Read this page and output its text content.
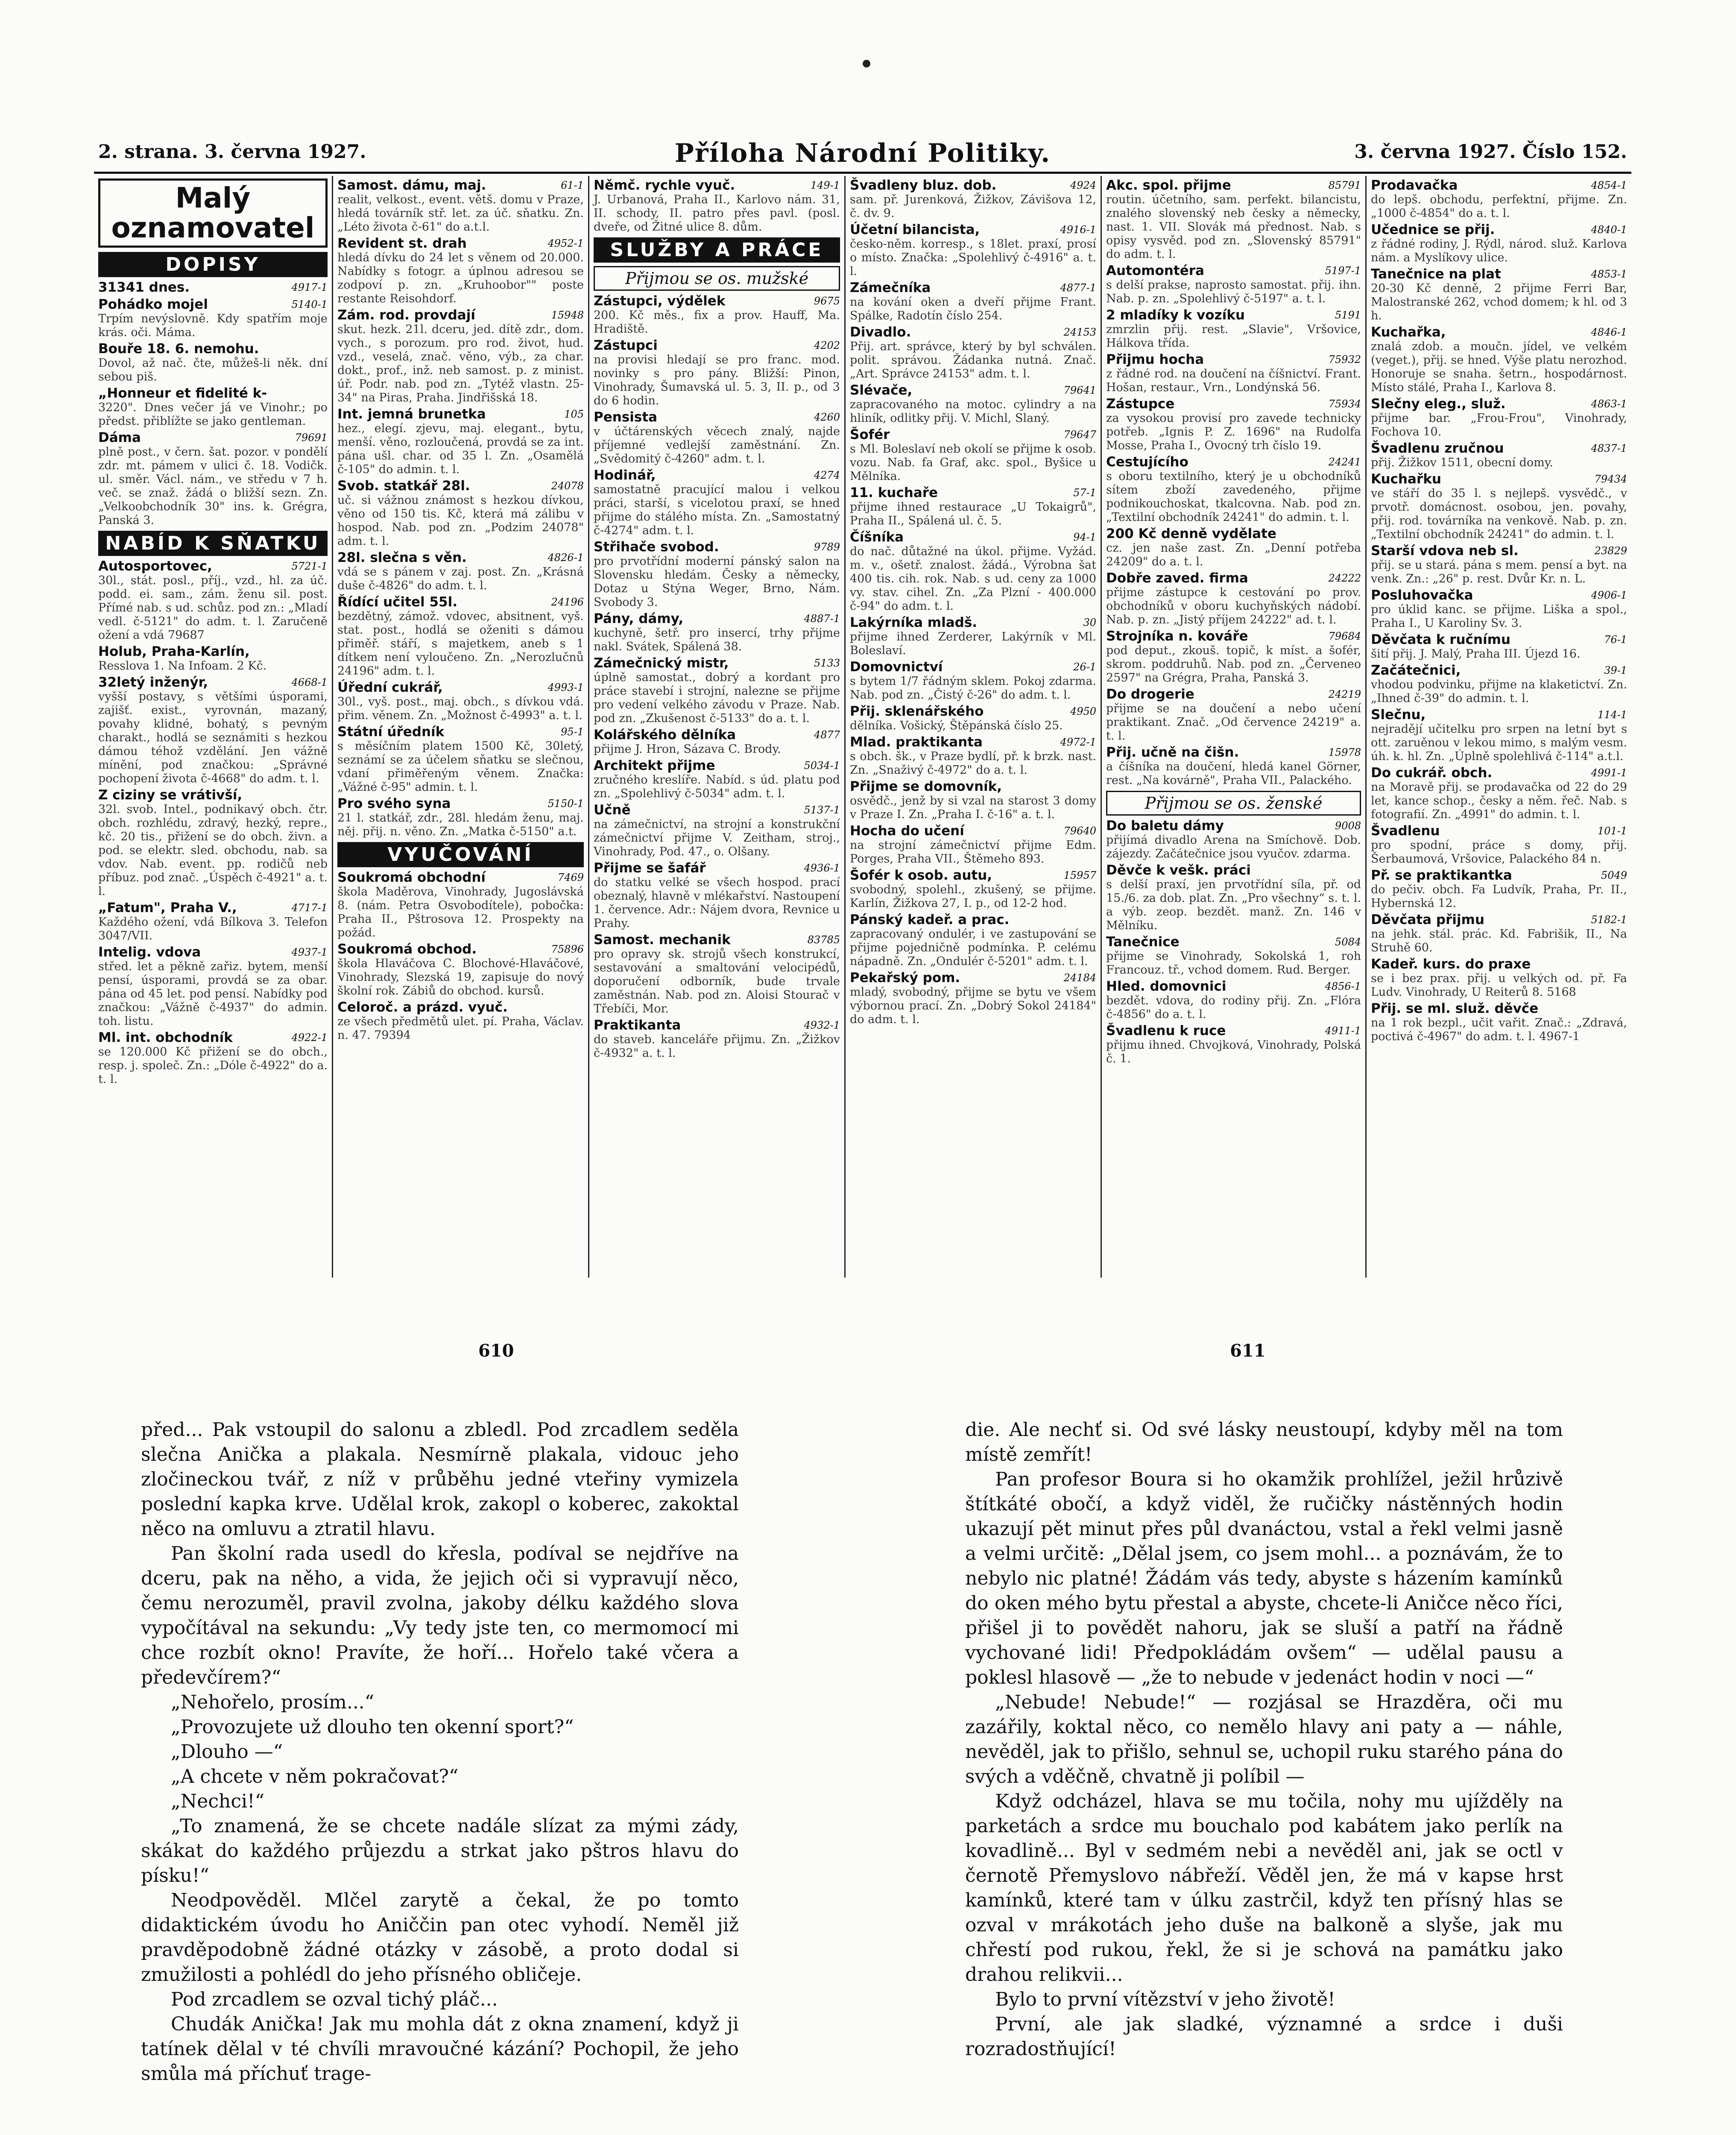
2. strana. 3. června 1927.	Příloha Národní Politiky.	3. června 1927. Číslo 152.
Malý
oznamovatel
DOPISY
4917-1
31341 dnes.

5140-1
Pohádko mojel
Trpím nevýslovně. Kdy spatřím moje krás. oči. Máma.
Bouře 18. 6. nemohu.
Dovol, až nač. čte, můžeš-li něk. dní sebou piš.
„Honneur et fidelité k-
3220". Dnes večer já ve Vinohr.; po předst. přiblížte se jako gentleman.
79691
Dáma
plně post., v čern. šat. pozor. v pondělí zdr. mt. pámem v ulici č. 18. Vodičk. ul. směr. Václ. nám., ve středu v 7 h. več. se znaž. žádá o bližší sezn. Zn. „Velkoobchodník 30" ins. k. Grégra, Panská 3.
NABÍD K SŇATKU
5721-1
Autosportovec,
30l., stát. posl., příj., vzd., hl. za úč. podd. ei. sam., zám. ženu sil. post. Přímé nab. s ud. schůz. pod zn.: „Mladí vedl. č-5121" do adm. t. l. Zaručeně ožení a vdá 79687
Holub, Praha-Karlín,
Resslova 1. Na Infoam. 2 Kč.
4668-1
32letý inženýr,
vyšší postavy, s většími úsporami, zajišť. exist., vyrovnán, mazaný, povahy klidné, bohatý, s pevným charakt., hodlá se seznámiti s hezkou dámou téhož vzdělání. Jen vážně mínění, pod značkou: „Správné pochopení života č-4668" do adm. t. l.
Z ciziny se vrátivší,
32l. svob. Intel., podnikavý obch. čtr. obch. rozhlédu, zdravý, hezký, repre., kč. 20 tis., přižení se do obch. živn. a pod. se elektr. sled. obchodu, nab. sa vdov. Nab. event. pp. rodičů neb příbuz. pod znač. „Úspěch č-4921" a. t. l.
4717-1
„Fatum", Praha V.,
Každého ožení, vdá Bílkova 3. Telefon 3047/VII.
4937-1
Intelig. vdova
střed. let a pěkně zařiz. bytem, menší pensí, úsporami, provdá se za obar. pána od 45 let. pod pensí. Nabídky pod značkou: „Vážně č-4937" do admin. toh. listu.
4922-1
Ml. int. obchodník
se 120.000 Kč přižení se do obch., resp. j. společ. Zn.: „Dóle č-4922" do a. t. l.
61-1
Samost. dámu, maj.
realit, velkost., event. větš. domu v Praze, hledá továrník stř. let. za úč. sňatku. Zn. „Léto života č-61" do a.t.l.
4952-1
Revident st. drah
hledá dívku do 24 let s věnem od 20.000. Nabídky s fotogr. a úplnou adresou se zodpoví p. zn. „Kruhoobor"" poste restante Reisohdorf.
15948
Zám. rod. provdají
skut. hezk. 21l. dceru, jed. dítě zdr., dom. vych., s porozum. pro rod. život, hud. vzd., veselá, znač. věno, výb., za char. dokt., prof., inž. neb samost. p. z minist. úř. Podr. nab. pod zn. „Tytéž vlastn. 25-34" na Piras, Praha. Jindřišská 18.
105
Int. jemná brunetka
hez., elegí. zjevu, maj. elegant., bytu, menší. věno, rozloučená, provdá se za int. pána ušl. char. od 35 l. Zn. „Osamělá č-105" do admin. t. l.
24078
Svob. statkář 28l.
uč. si vážnou známost s hezkou dívkou, věno od 150 tis. Kč, která má zálibu v hospod. Nab. pod zn. „Podzim 24078" adm. t. l.
4826-1
28l. slečna s věn.
vdá se s pánem v zaj. post. Zn. „Krásná duše č-4826" do adm. t. l.
24196
Řídící učitel 55l.
bezdětný, zámož. vdovec, absitnent, vyš. stat. post., hodlá se oženiti s dámou přiměř. stáří, s majetkem, aneb s 1 dítkem není vyloučeno. Zn. „Nerozlučnů 24196" adm. t. l.
4993-1
Úřední cukrář,
30l., vyš. post., maj. obch., s dívkou vdá. přim. věnem. Zn. „Možnost č-4993" a. t. l.
95-1
Státní úředník
s měsíčním platem 1500 Kč, 30letý, seznámí se za účelem sňatku se slečnou, vdaní přiměřeným věnem. Značka: „Vážné č-95" admin. t. l.
5150-1
Pro svého syna
21 l. statkář, zdr., 28l. hledám ženu, maj. něj. přij. n. věno. Zn. „Matka č-5150" a.t.
VYUČOVÁNÍ
7469
Soukromá obchodní
škola Maděrova, Vinohrady, Jugoslávská 8. (nám. Petra Osvobodítele), pobočka: Praha II., Pštrosova 12. Prospekty na požád.
75896
Soukromá obchod.
škola Hlaváčova C. Blochové-Hlaváčové, Vinohrady, Slezská 19, zapisuje do nový školní rok. Zábiů do obchod. kursů.
Celoroč. a prázd. vyuč.
ze všech předmětů ulet. pí. Praha, Václav. n. 47. 79394
149-1
Němč. rychle vyuč.
J. Urbanová, Praha II., Karlovo nám. 31, II. schody, II. patro přes pavl. (posl. dveře, od Žitné ulice 8. dům.
SLUŽBY A PRÁCE
Přijmou se os. mužské
9675
Zástupci, výdělek
200. Kč měs., fix a prov. Hauff, Ma. Hradiště.
4202
Zástupci
na provisi hledají se pro franc. mod. novinky s pro pány. Bližší: Pinon, Vinohrady, Šumavská ul. 5. 3, II. p., od 3 do 6 hodin.
4260
Pensista
v účtárenských věcech znalý, najde příjemné vedlejší zaměstnání. Zn. „Svědomitý č-4260" adm. t. l.
4274
Hodinář,
samostatně pracující malou i velkou práci, starší, s vicelotou praxí, se hned přijme do stálého místa. Zn. „Samostatný č-4274" adm. t. l.
9789
Střihače svobod.
pro prvotřídní moderní pánský salon na Slovensku hledám. Česky a německy, Dotaz u Stýna Weger, Brno, Nám. Svobody 3.
4887-1
Pány, dámy,
kuchyně, šetř. pro insercí, trhy přijme nakl. Svátek, Spálená 38.
5133
Zámečnický mistr,
úplně samostat., dobrý a kordant pro práce stavebí i strojní, nalezne se přijme pro vedení velkého závodu v Praze. Nab. pod zn. „Zkušenost č-5133" do a. t. l.
4877
Kolářského dělníka
přijme J. Hron, Sázava C. Brody.
5034-1
Architekt přijme
zručného kreslíře. Nabíd. s úd. platu pod zn. „Spolehlivý č-5034" adm. t. l.
5137-1
Učně
na zámečnictví, na strojní a konstrukční zámečnictví přijme V. Zeitham, stroj., Vinohrady, Pod. 47., o. Olšany.
4936-1
Přijme se šafář
do statku velké se všech hospod. prací obeznalý, hlavně v mlékařství. Nastoupení 1. července. Adr.: Nájem dvora, Revnice u Prahy.
83785
Samost. mechanik
pro opravy sk. strojů všech konstrukcí, sestavování a smaltování velocipédů, doporučení odborník, bude trvale zaměstnán. Nab. pod zn. Aloisi Stourač v Třebíči, Mor.
4932-1
Praktikanta
do staveb. kanceláře přijmu. Zn. „Žižkov č-4932" a. t. l.
4924
Švadleny bluz. dob.
sam. př. Jurenková, Žižkov, Závišova 12, č. dv. 9.
4916-1
Účetní bilancista,
česko-něm. korresp., s 18let. praxí, prosí o místo. Značka: „Spolehlivý č-4916" a. t. l.
4877-1
Zámečníka
na kování oken a dveří přijme Frant. Spálke, Radotín číslo 254.
24153
Divadlo.
Přij. art. správce, který by byl schválen. polit. správou. Žádanka nutná. Znač. „Art. Správce 24153" adm. t. l.
79641
Slévače,
zapracovaného na motoc. cylindry a na hliník, odlitky přij. V. Michl, Slaný.
79647
Šofér
s Ml. Boleslaví neb okolí se přijme k osob. vozu. Nab. fa Graf, akc. spol., Byšice u Mělníka.
57-1
11. kuchaře
přijme ihned restaurace „U Tokaigrů", Praha II., Spálená ul. č. 5.
94-1
Číšníka
do nač. důtažné na úkol. přijme. Vyžád. m. v., ošetř. znalost. žádá., Výrobna šat 400 tis. cih. rok. Nab. s ud. ceny za 1000 vy. stav. cihel. Zn. „Za Plzní - 400.000 č-94" do adm. t. l.
30
Lakýrníka mladš.
přijme ihned Zerderer, Lakýrník v Ml. Boleslaví.
26-1
Domovnictví
s bytem 1/7 řádným sklem. Pokoj zdarma. Nab. pod zn. „Čistý č-26" do adm. t. l.
4950
Přij. sklenářského
dělníka. Vošický, Štěpánská číslo 25.
4972-1
Mlad. praktikanta
s obch. šk., v Praze bydlí, př. k brzk. nast. Zn. „Snaživý č-4972" do a. t. l.
Přijme se domovník,
osvědč., jenž by si vzal na starost 3 domy v Praze I. Zn. „Praha I. č-16" a. t. l.
79640
Hocha do učení
na strojní zámečnictví přijme Edm. Porges, Praha VII., Štěmeho 893.
15957
Šofér k osob. autu,
svobodný, spolehl., zkušený, se přijme. Karlín, Žižkova 27, I. p., od 12-2 hod.
Pánský kadeř. a prac.
zapracovaný ondulér, i ve zastupování se přijme pojedničně podmínka. P. celému nápadně. Zn. „Ondulér č-5201" adm. t. l.
24184
Pekařský pom.
mladý, svobodný, přijme se bytu ve všem výbornou prací. Zn. „Dobrý Sokol 24184" do adm. t. l.
85791
Akc. spol. přijme
routin. účetního, sam. perfekt. bilancistu, znalého slovenský neb česky a německy, nast. 1. VII. Slovák má přednost. Nab. s opisy vysvěd. pod zn. „Slovenský 85791" do adm. t. l.
5197-1
Automontéra
s delší prakse, naprosto samostat. přij. ihn. Nab. p. zn. „Spolehlivý č-5197" a. t. l.
5191
2 mladíky k vozíku
zmrzlin přij. rest. „Slavie", Vršovice, Hálkova třída.
75932
Přijmu hocha
z řádné rod. na doučení na číšnictví. Frant. Hošan, restaur., Vrn., Londýnská 56.
75934
Zástupce
za vysokou provisí pro zavede technicky potřeb. „Ignis P. Z. 1696" na Rudolfa Mosse, Praha I., Ovocný trh číslo 19.
24241
Cestujícího
s oboru textilního, který je u obchodníků sítem zboží zavedeného, přijme podnikouchoskat, tkalcovna. Nab. pod zn. „Textilní obchodník 24241" do admin. t. l.
200 Kč denně vydělate
cz. jen naše zast. Zn. „Denní potřeba 24209" do a. t. l.
24222
Dobře zaved. firma
přijme zástupce k cestování po prov. obchodníků v oboru kuchyňských nádobí. Nab. p. zn. „Jistý příjem 24222" ad. t. l.
79684
Strojníka n. kováře
pod deput., zkouš. topič, k míst. a šofér, skrom. poddruhů. Nab. pod zn. „Červeneo 2597" na Grégra, Praha, Panská 3.
24219
Do drogerie
přijme se na doučení a nebo učení praktikant. Znač. „Od července 24219" a. t. l.
15978
Přij. učně na čišn.
a číšníka na doučení, hledá kanel Görner, rest. „Na kovárně", Praha VII., Palackého.
Přijmou se os. ženské
9008
Do baletu dámy
přijímá divadlo Arena na Smíchově. Dob. zájezdy. Začátečnice jsou vyučov. zdarma.
Děvče k vešk. práci
s delší praxí, jen prvotřídní síla, př. od 15./6. za dob. plat. Zn. „Pro všechny“ s. t. l. a výb. zeop. bezdět. manž. Zn. 146 v Mělníku.
5084
Tanečnice
přijme se Vinohrady, Sokolská 1, roh Francouz. tř., vchod domem. Rud. Berger.
4856-1
Hled. domovnici
bezdět. vdova, do rodiny přij. Zn. „Flóra č-4856" do a. t. l.
4911-1
Švadlenu k ruce
přijmu ihned. Chvojková, Vinohrady, Polská č. 1.
4854-1
Prodavačka
do lepš. obchodu, perfektní, přijme. Zn. „1000 č-4854" do a. t. l.
4840-1
Učednice se přij.
z řádné rodiny, J. Rýdl, národ. služ. Karlova nám. a Myslíkovy ulice.
4853-1
Tanečnice na plat
20-30 Kč denně, 2 přijme Ferri Bar, Malostranské 262, vchod domem; k hl. od 3 h.
4846-1
Kuchařka,
znalá zdob. a moučn. jídel, ve velkém (veget.), přij. se hned. Výše platu nerozhod. Honoruje se snaha. šetrn., hospodárnost. Místo stálé, Praha I., Karlova 8.
4863-1
Slečny eleg., služ.
přijme bar. „Frou-Frou", Vinohrady, Fochova 10.
4837-1
Švadlenu zručnou
přij. Žižkov 1511, obecní domy.
79434
Kuchařku
ve stáří do 35 l. s nejlepš. vysvědč., v prvotř. domácnost. osobou, jen. povahy, přij. rod. továrníka na venkově. Nab. p. zn. „Textilní obchodník 24241" do admin. t. l.
23829
Starší vdova neb sl.
přij. se u stará. pána s mem. pensí a byt. na venk. Zn.: „26" p. rest. Dvůr Kr. n. L.
4906-1
Posluhovačka
pro úklid kanc. se přijme. Liška a spol., Praha I., U Karoliny Sv. 3.
76-1
Děvčata k ručnímu
šití přij. J. Malý, Praha III. Újezd 16.
39-1
Začátečnici,
vhodou podvinku, přijme na klaketictví. Zn. „Ihned č-39" do admin. t. l.
114-1
Slečnu,
nejradějí učitelku pro srpen na letní byt s ott. zaruěnou v lekou mimo, s malým vesm. úh. k. hl. Zn. „Úplně spolehlivá č-114" a.t.l.
4991-1
Do cukrář. obch.
na Moravě přij. se prodavačka od 22 do 29 let, kance schop., česky a něm. řeč. Nab. s fotografií. Zn. „4991" do admin. t. l.
101-1
Švadlenu
pro spodní, práce s domy, přij. Šerbaumová, Vršovice, Palackého 84 n.
5049
Př. se praktikantka
do pečiv. obch. Fa Ludvík, Praha, Pr. II., Hybernská 12.
5182-1
Děvčata přijmu
na jehk. stál. prác. Kd. Fabrišik, II., Na Struhě 60.
Kadeř. kurs. do praxe
se i bez prax. přij. u velkých od. př. Fa Ludv. Vinohrady, U Reiterů 8. 5168
Přij. se ml. služ. děvče
na 1 rok bezpl., učit vařit. Znač.: „Zdravá, poctivá č-4967" do adm. t. l. 4967-1
610	611

před... Pak vstoupil do salonu a zbledl. Pod zrcadlem seděla slečna Anička a plakala. Nesmírně plakala, vidouc jeho zločineckou tvář, z níž v průběhu jedné vteřiny vymizela poslední kapka krve. Udělal krok, zakopl o koberec, zakoktal něco na omluvu a ztratil hlavu.

Pan školní rada usedl do křesla, podíval se nejdříve na dceru, pak na něho, a vida, že jejich oči si vypravují něco, čemu nerozuměl, pravil zvolna, jakoby délku každého slova vypočítával na sekundu: „Vy tedy jste ten, co mermomocí mi chce rozbít okno! Pravíte, že hoří... Hořelo také včera a předevčírem?“

„Nehořelo, prosím...“

„Provozujete už dlouho ten okenní sport?“

„Dlouho —“

„A chcete v něm pokračovat?“

„Nechci!“

„To znamená, že se chcete nadále slízat za mými zády, skákat do každého průjezdu a strkat jako pštros hlavu do písku!“

Neodpověděl. Mlčel zarytě a čekal, že po tomto didaktickém úvodu ho Aniččin pan otec vyhodí. Neměl již pravděpodobně žádné otázky v zásobě, a proto dodal si zmužilosti a pohlédl do jeho přísného obličeje.

Pod zrcadlem se ozval tichý pláč...

Chudák Anička! Jak mu mohla dát z okna znamení, když ji tatínek dělal v té chvíli mravoučné kázání? Pochopil, že jeho smůla má příchuť trage-

die. Ale nechť si. Od své lásky neustoupí, kdyby měl na tom místě zemřít!

Pan profesor Boura si ho okamžik prohlížel, ježil hrůzivě štítkáté obočí, a když viděl, že ručičky nástěnných hodin ukazují pět minut přes půl dvanáctou, vstal a řekl velmi jasně a velmi určitě: „Dělal jsem, co jsem mohl... a poznávám, že to nebylo nic platné! Žádám vás tedy, abyste s házením kamínků do oken mého bytu přestal a abyste, chcete-li Aničce něco říci, přišel ji to povědět nahoru, jak se sluší a patří na řádně vychované lidi! Předpokládám ovšem“ — udělal pausu a poklesl hlasově — „že to nebude v jedenáct hodin v noci —“

„Nebude! Nebude!“ — rozjásal se Hrazděra, oči mu zazářily, koktal něco, co nemělo hlavy ani paty a — náhle, nevěděl, jak to přišlo, sehnul se, uchopil ruku starého pána do svých a vděčně, chvatně ji políbil —

Když odcházel, hlava se mu točila, nohy mu ujížděly na parketách a srdce mu bouchalo pod kabátem jako perlík na kovadlině... Byl v sedmém nebi a nevěděl ani, jak se octl v černotě Přemyslovo nábřeží. Věděl jen, že má v kapse hrst kamínků, které tam v úlku zastrčil, když ten přísný hlas se ozval v mrákotách jeho duše na balkoně a slyše, jak mu chřestí pod rukou, řekl, že si je schová na památku jako drahou relikvii...

Bylo to první vítězství v jeho životě!

První, ale jak sladké, významné a srdce i duši rozradostňující!
